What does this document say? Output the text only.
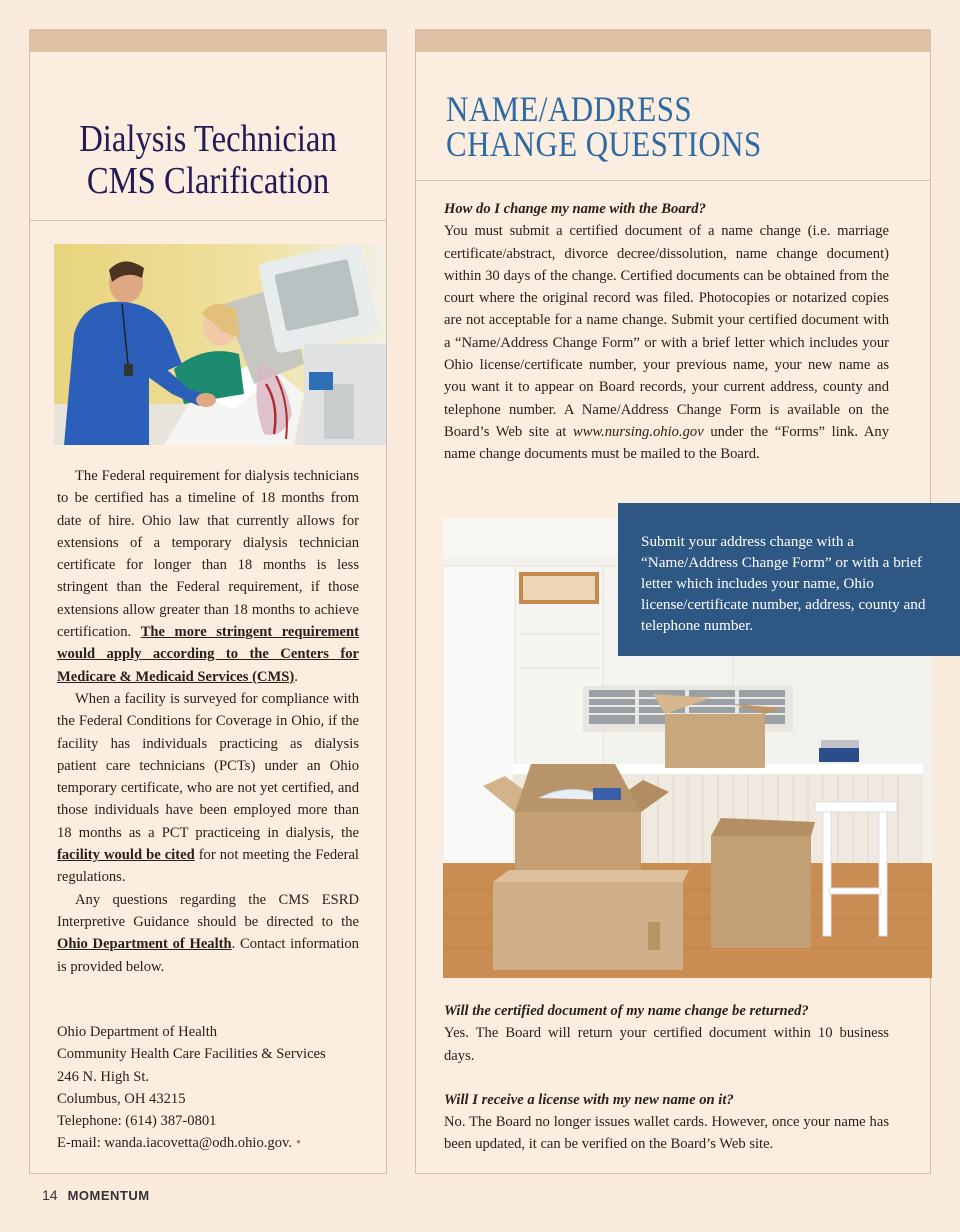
Dialysis Technician
CMS Clarification

The Federal requirement for dialysis technicians to be certified has a timeline of 18 months from date of hire. Ohio law that currently allows for extensions of a temporary dialysis technician certificate for longer than 18 months is less stringent than the Federal requirement, if those extensions allow greater than 18 months to achieve certification. The more stringent requirement would apply according to the Centers for Medicare & Medicaid Services (CMS).

When a facility is surveyed for compliance with the Federal Conditions for Coverage in Ohio, if the facility has individuals practicing as dialysis patient care technicians (PCTs) under an Ohio temporary certificate, who are not yet certified, and those individuals have been employed more than 18 months as a PCT practiceing in dialysis, the facility would be cited for not meeting the Federal regulations.

Any questions regarding the CMS ESRD Interpretive Guidance should be directed to the Ohio Department of Health. Contact information is provided below.

Ohio Department of Health
Community Health Care Facilities & Services
246 N. High St.
Columbus, OH 43215
Telephone: (614) 387-0801
E-mail: wanda.iacovetta@odh.ohio.gov. •
NAME/ADDRESS
CHANGE QUESTIONS

How do I change my name with the Board?

You must submit a certified document of a name change (i.e. marriage certificate/abstract, divorce decree/dissolution, name change document) within 30 days of the change. Certified documents can be obtained from the court where the original record was filed. Photocopies or notarized copies are not acceptable for a name change. Submit your certified document with a “Name/Address Change Form” or with a brief letter which includes your Ohio license/certificate number, your previous name, your new name as you want it to appear on Board records, your current address, county and telephone number. A Name/Address Change Form is available on the Board’s Web site at www.nursing.ohio.gov under the “Forms” link. Any name change documents must be mailed to the Board.

Will the certified document of my name change be returned?

Yes. The Board will return your certified document within 10 business days.

Will I receive a license with my new name on it?

No. The Board no longer issues wallet cards. However, once your name has been updated, it can be verified on the Board’s Web site.

Submit your address change with a “Name/Address Change Form” or with a brief letter which includes your name, Ohio license/certificate number, address, county and telephone number.
14 MOMENTUM
